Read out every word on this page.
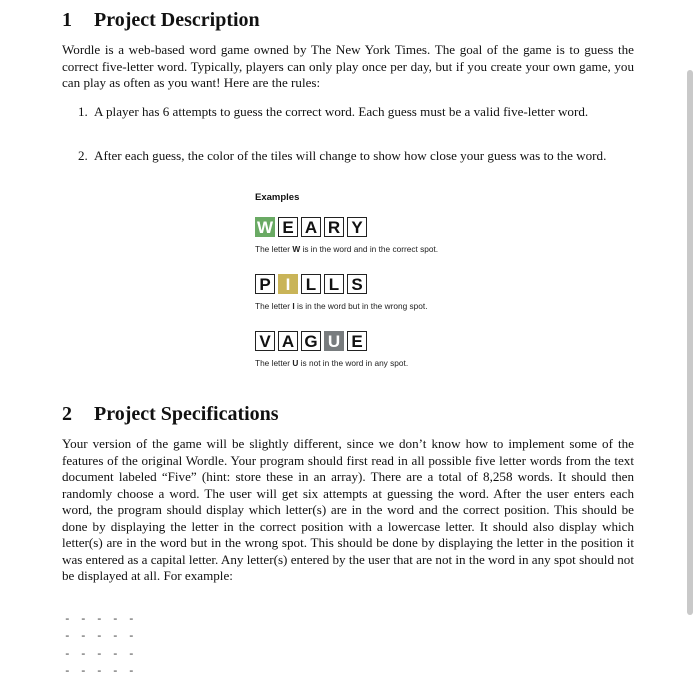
1 Project Description

Wordle is a web-based word game owned by The New York Times. The goal of the game is to guess the correct five-letter word. Typically, players can only play once per day, but if you create your own game, you can play as often as you want! Here are the rules:

1. A player has 6 attempts to guess the correct word. Each guess must be a valid five-letter word.
2. After each guess, the color of the tiles will change to show how close your guess was to the word.

Examples

W E A R Y
The letter W is in the word and in the correct spot.
P I L L S
The letter I is in the word but in the wrong spot.
V A G U E
The letter U is not in the word in any spot.
2 Project Specifications

Your version of the game will be slightly different, since we don’t know how to implement some of the features of the original Wordle. Your program should first read in all possible five letter words from the text document labeled “Five” (hint: store these in an array). There are a total of 8,258 words. It should then randomly choose a word. The user will get six attempts at guessing the word. After the user enters each word, the program should display which letter(s) are in the word and the correct position. This should be done by displaying the letter in the correct position with a lowercase letter. It should also display which letter(s) are in the word but in the wrong spot. This should be done by displaying the letter in the position it was entered as a capital letter. Any letter(s) entered by the user that are not in the word in any spot should not be displayed at all. For example:

- - - - -
- - - - -
- - - - -
- - - - -
